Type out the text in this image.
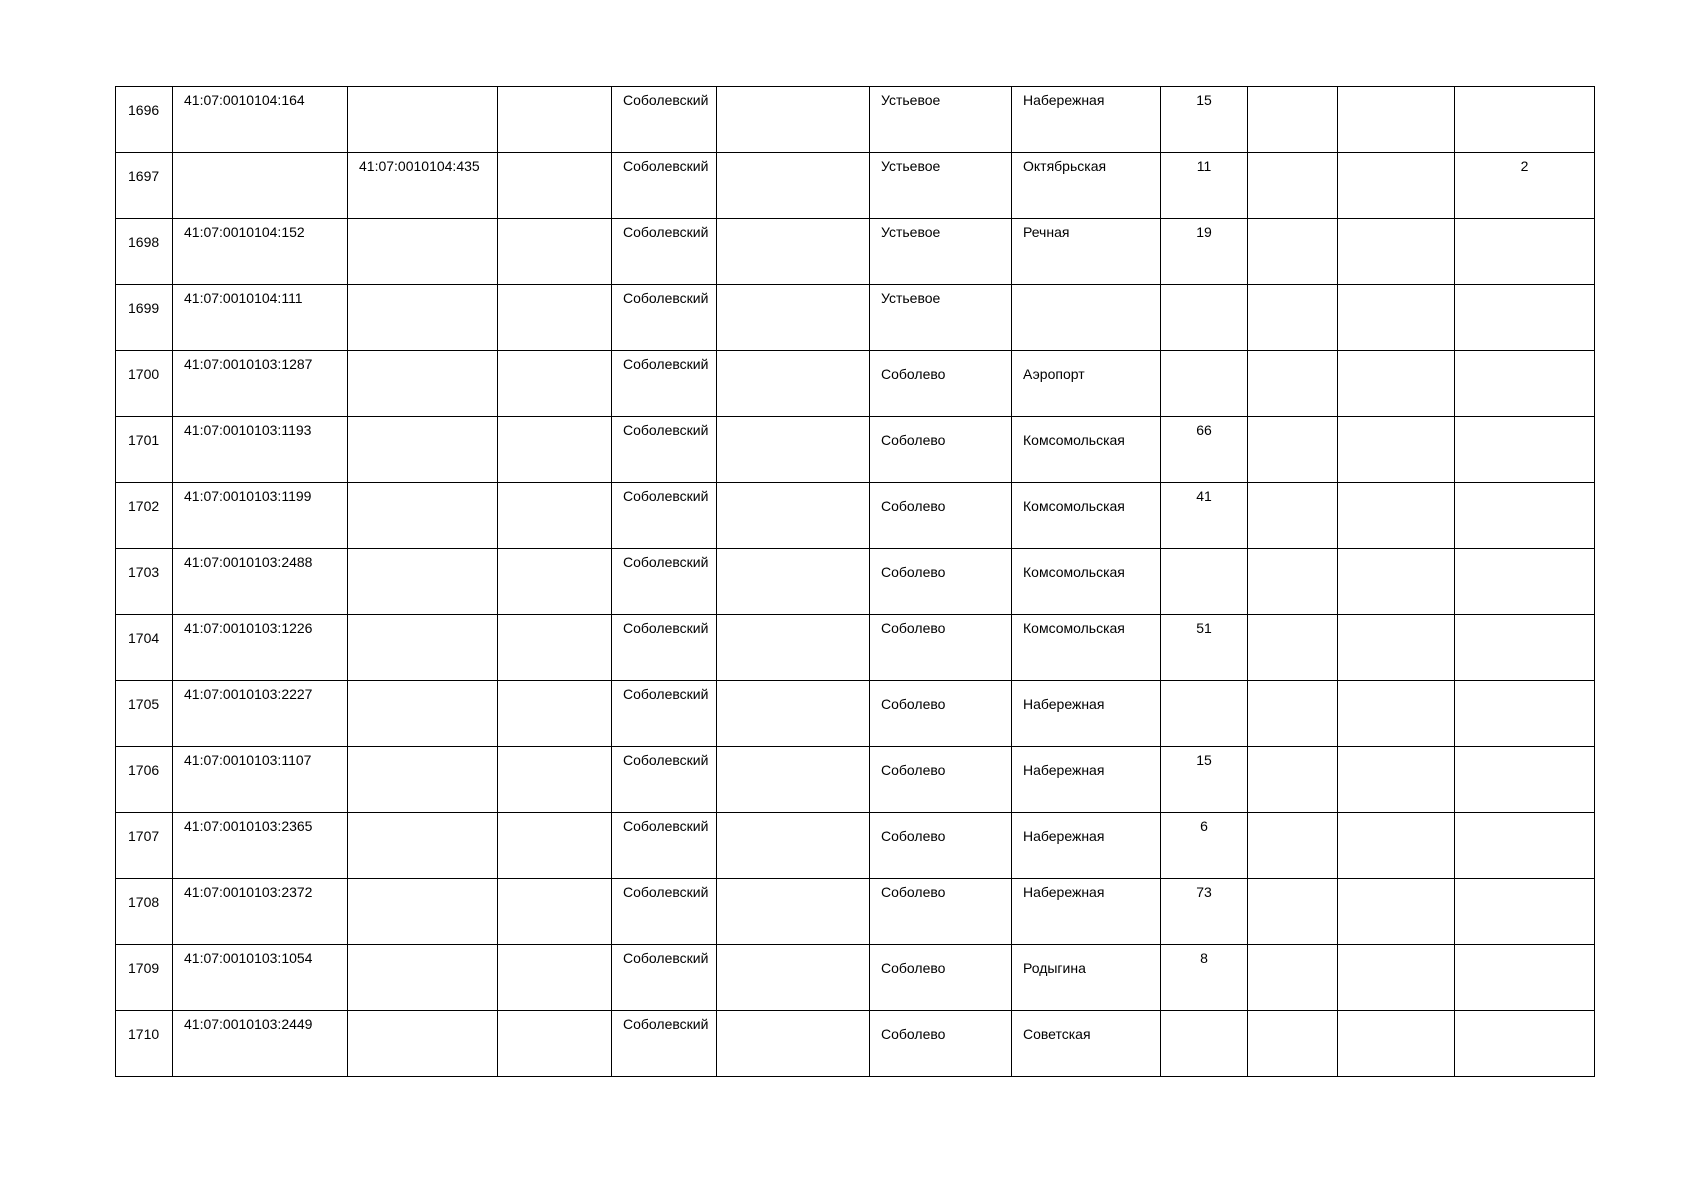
1696	41:07:0010104:164			Соболевский		Устьевое	Набережная	15			

1697		41:07:0010104:435		Соболевский		Устьевое	Октябрьская	11			2

1698	41:07:0010104:152			Соболевский		Устьевое	Речная	19			

1699	41:07:0010104:111			Соболевский		Устьевое					

1700	41:07:0010103:1287			Соболевский		Соболево	Аэропорт				

1701	41:07:0010103:1193			Соболевский		Соболево	Комсомольская	66			

1702	41:07:0010103:1199			Соболевский		Соболево	Комсомольская	41			

1703	41:07:0010103:2488			Соболевский		Соболево	Комсомольская				

1704	41:07:0010103:1226			Соболевский		Соболево	Комсомольская	51			

1705	41:07:0010103:2227			Соболевский		Соболево	Набережная				

1706	41:07:0010103:1107			Соболевский		Соболево	Набережная	15			

1707	41:07:0010103:2365			Соболевский		Соболево	Набережная	6			

1708	41:07:0010103:2372			Соболевский		Соболево	Набережная	73			

1709	41:07:0010103:1054			Соболевский		Соболево	Родыгина	8			

1710	41:07:0010103:2449			Соболевский		Соболево	Советская				
